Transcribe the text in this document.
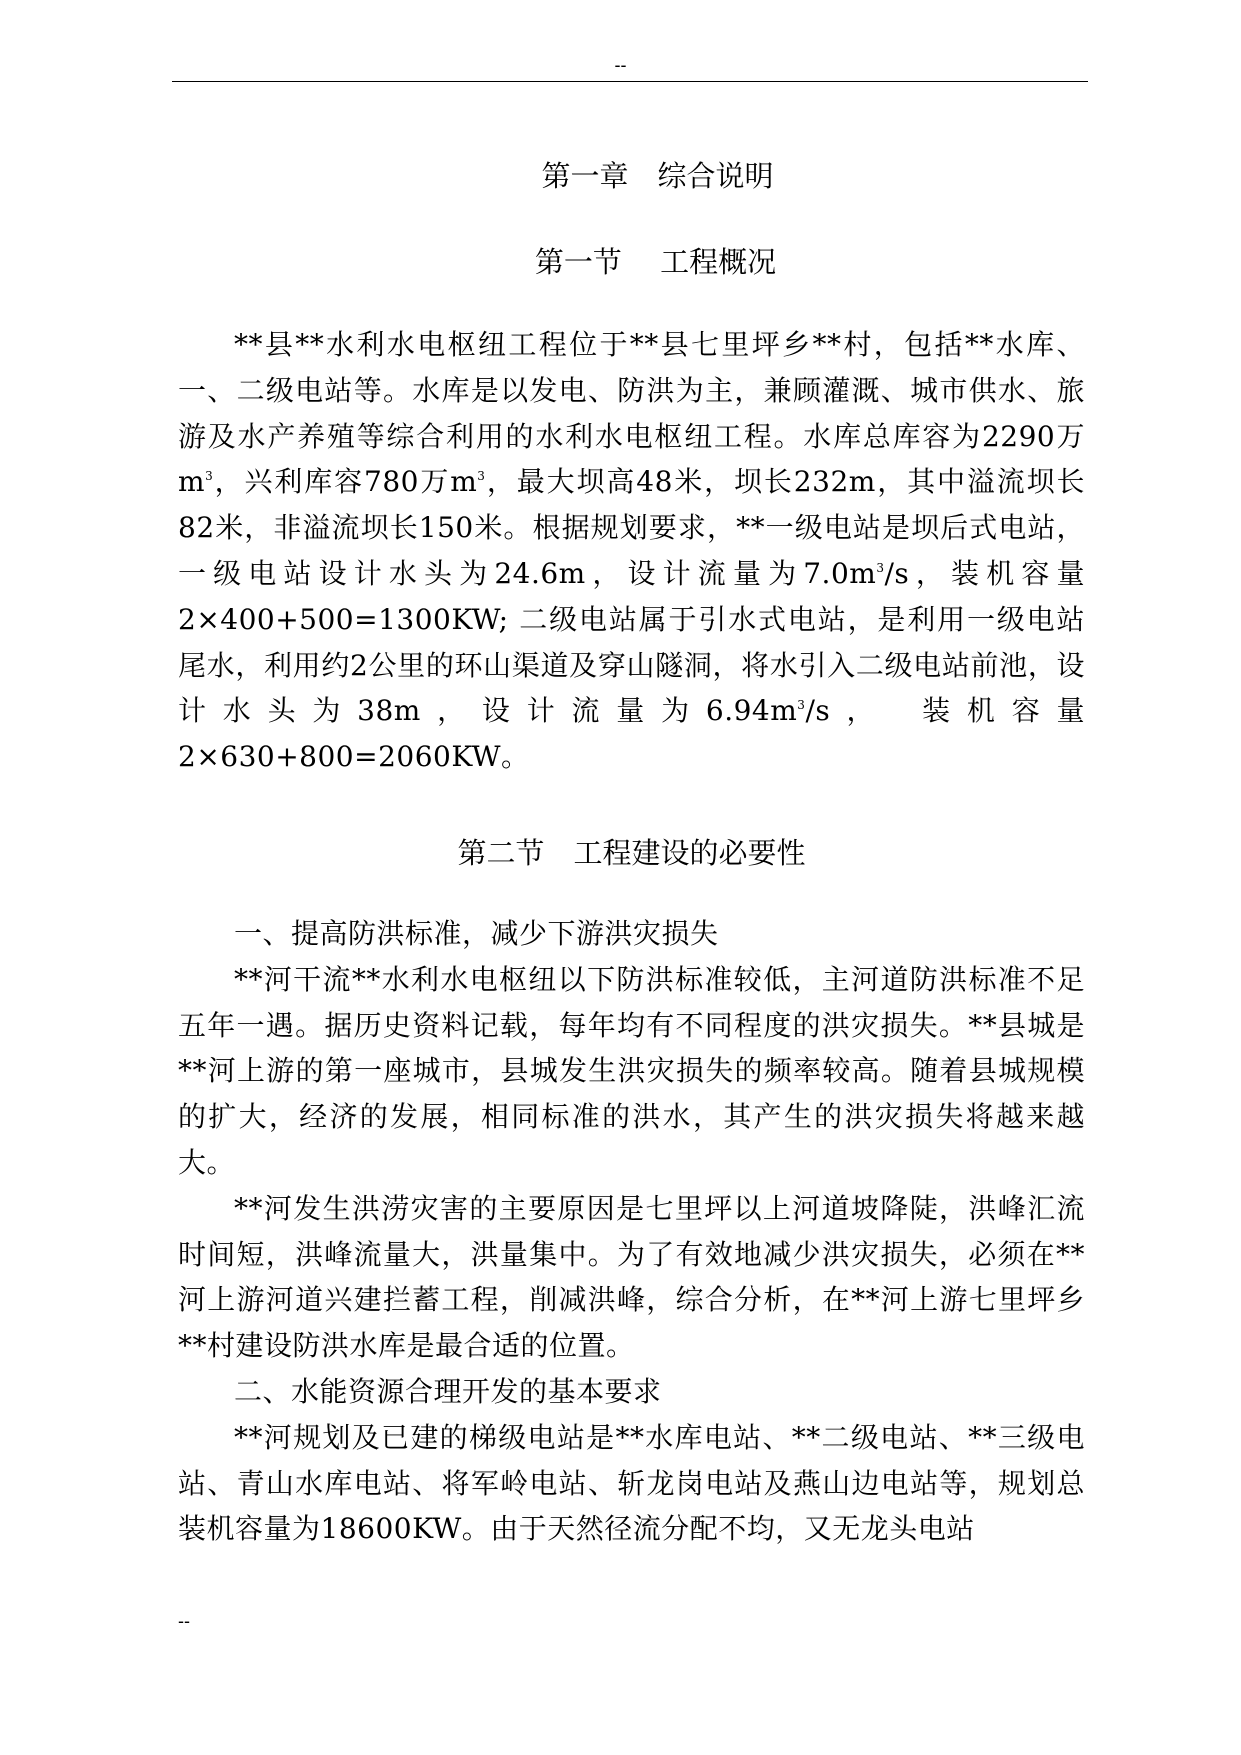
--
第一章　综合说明
第一节　 工程概况

**县**水利水电枢纽工程位于**县七里坪乡**村，包括**水库、一、二级电站等。水库是以发电、防洪为主，兼顾灌溉、城市供水、旅游及水产养殖等综合利用的水利水电枢纽工程。水库总库容为2290万$m^3$，兴利库容780万$m^3$，最大坝高48米，坝长232m，其中溢流坝长82米，非溢流坝长150米。根据规划要求，**一级电站是坝后式电站，一级电站设计水头为24.6m，设计流量为$7.0m^3/s$，装机容量2×400+500=1300KW; 二级电站属于引水式电站，是利用一级电站尾水，利用约2公里的环山渠道及穿山隧洞，将水引入二级电站前池，设计水头为38m，设计流量为$6.94m^3/s$，　装机容量2×630+800=2060KW。

第二节　工程建设的必要性

一、提高防洪标准，减少下游洪灾损失

**河干流**水利水电枢纽以下防洪标准较低，主河道防洪标准不足五年一遇。据历史资料记载，每年均有不同程度的洪灾损失。**县城是**河上游的第一座城市，县城发生洪灾损失的频率较高。随着县城规模的扩大，经济的发展，相同标准的洪水，其产生的洪灾损失将越来越大。

**河发生洪涝灾害的主要原因是七里坪以上河道坡降陡，洪峰汇流时间短，洪峰流量大，洪量集中。为了有效地减少洪灾损失，必须在**河上游河道兴建拦蓄工程，削减洪峰，综合分析，在**河上游七里坪乡**村建设防洪水库是最合适的位置。

二、水能资源合理开发的基本要求

**河规划及已建的梯级电站是**水库电站、**二级电站、**三级电站、青山水库电站、将军岭电站、斩龙岗电站及燕山边电站等，规划总装机容量为18600KW。由于天然径流分配不均，又无龙头电站

--
